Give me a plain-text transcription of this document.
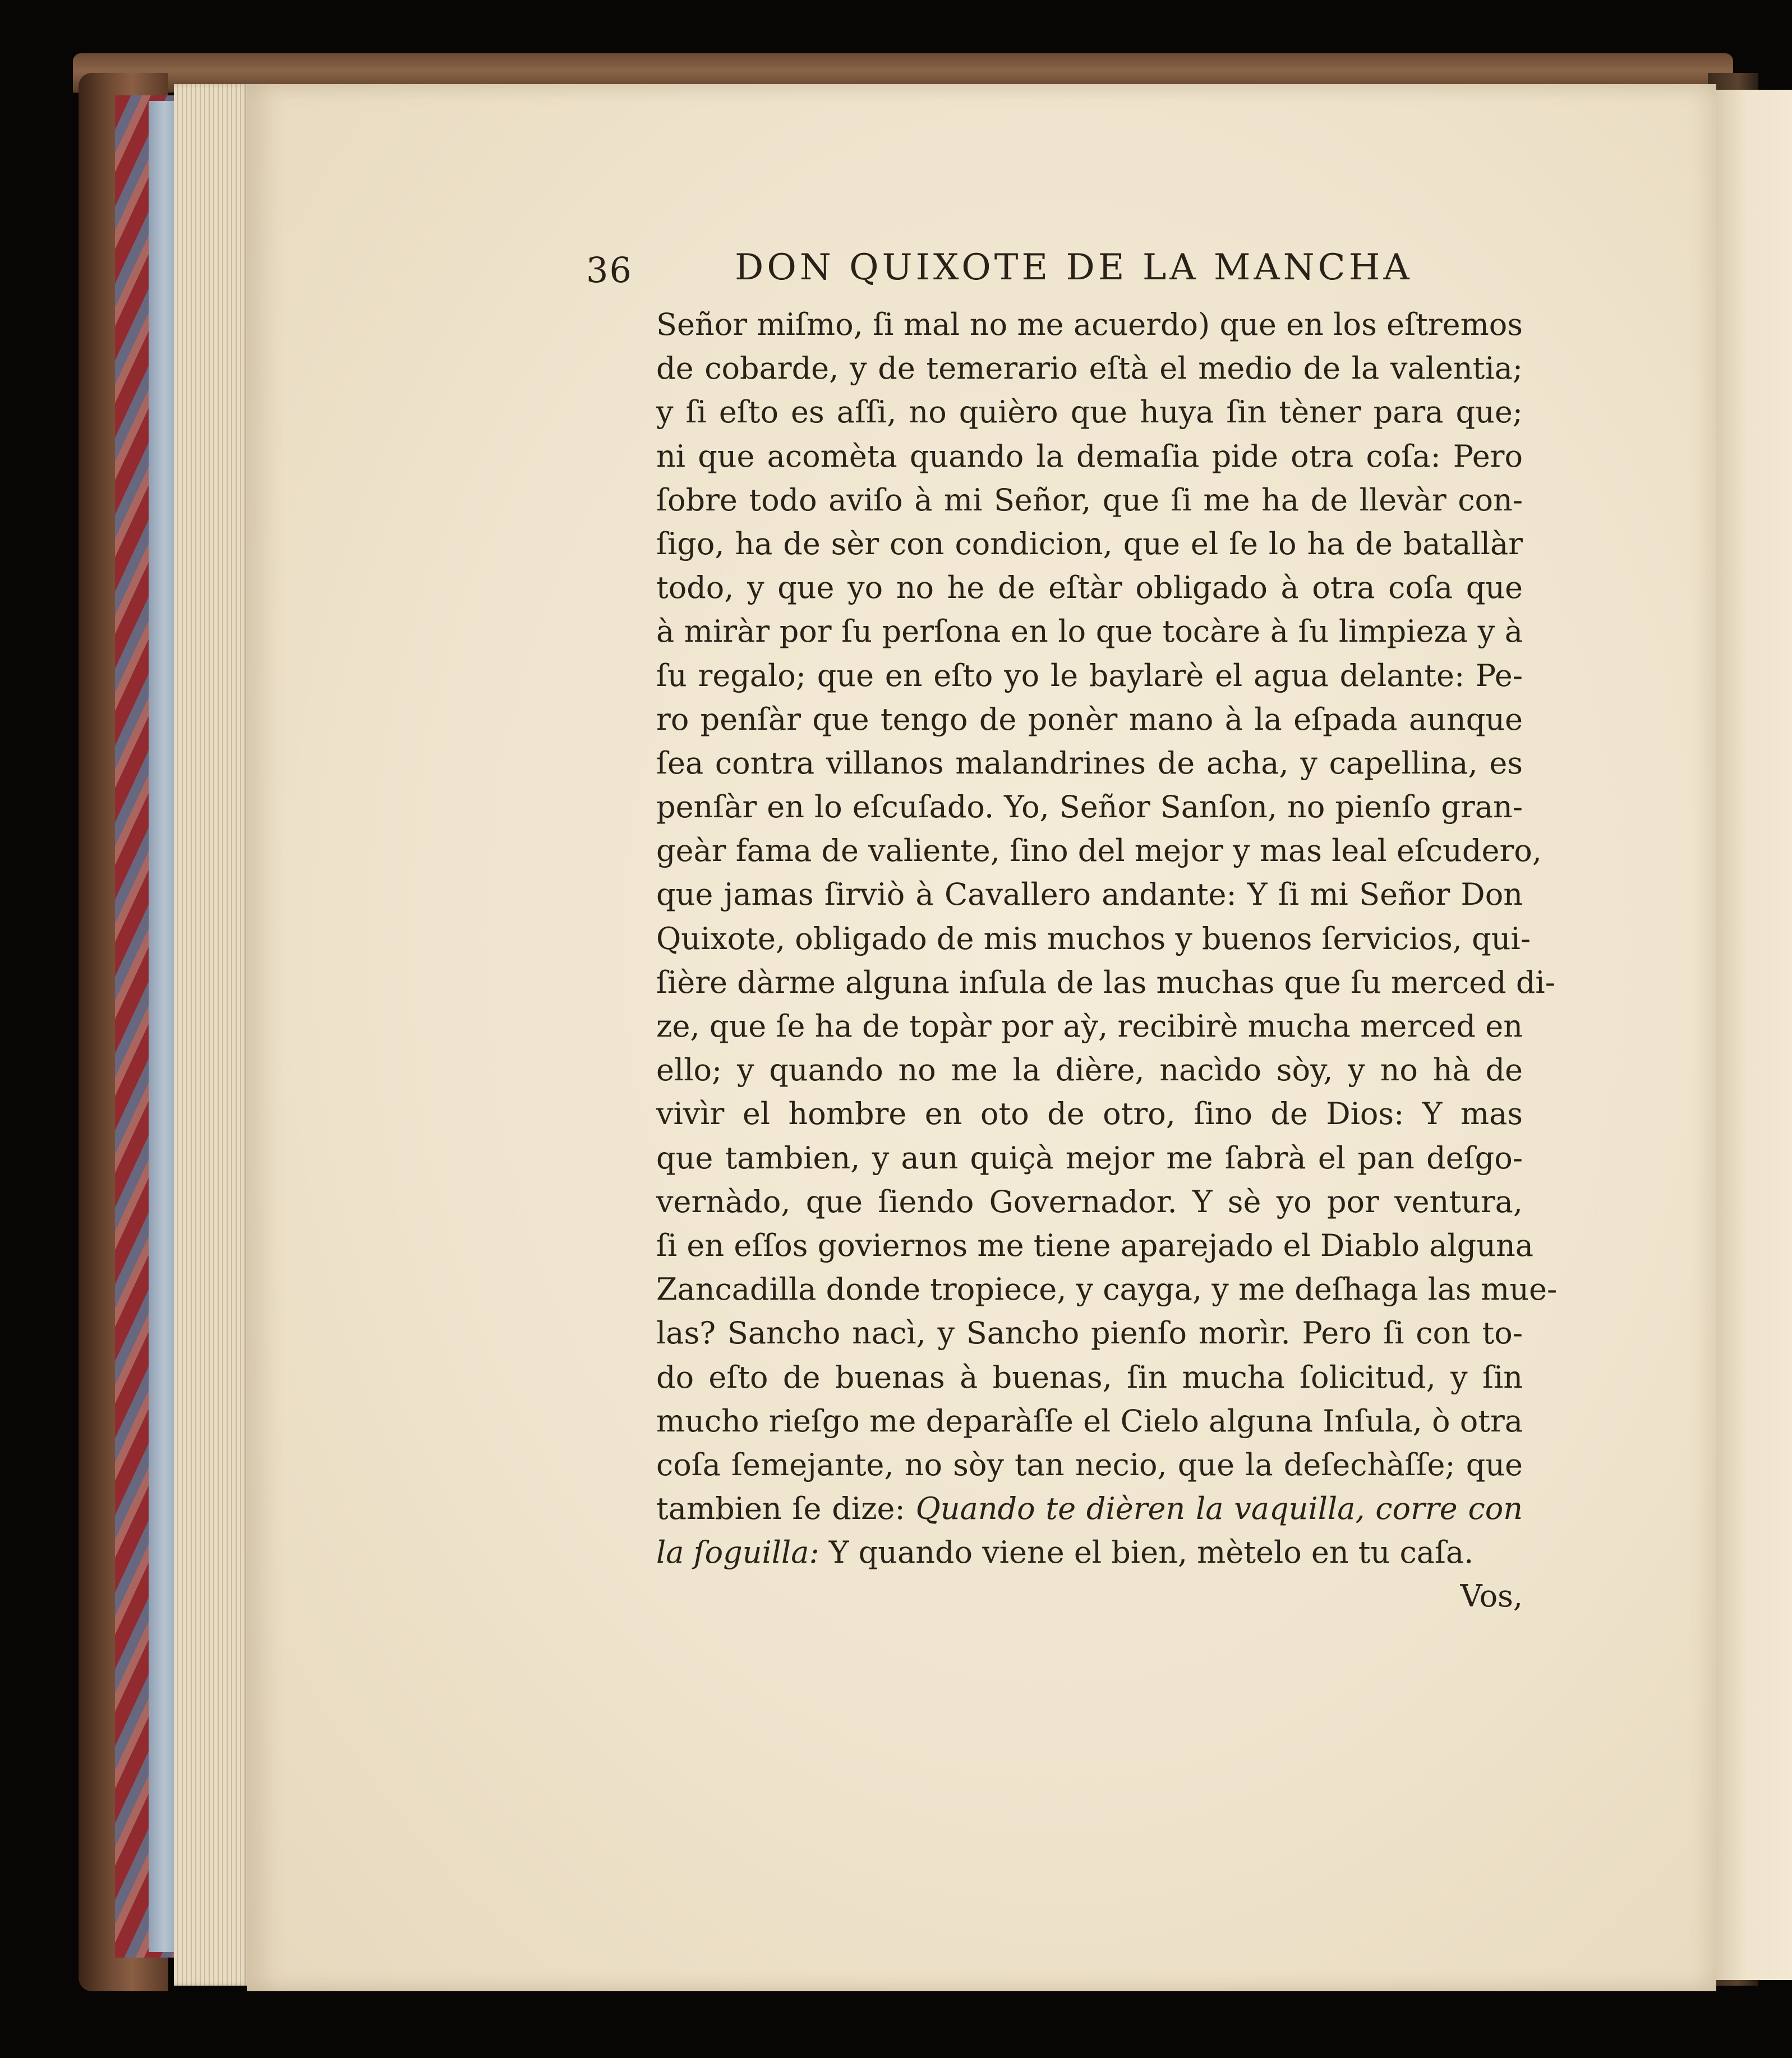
36	DON QUIXOTE DE LA MANCHA
Señor miſmo, ſi mal no me acuerdo) que en los eſtremos
de cobarde, y de temerario eſtà el medio de la valentia;
y ſi eſto es aſſi, no quièro que huya ſin tèner para que;
ni que acomèta quando la demaſia pide otra coſa: Pero
ſobre todo aviſo à mi Señor, que ſi me ha de llevàr con-
ſigo, ha de sèr con condicion, que el ſe lo ha de batallàr
todo, y que yo no he de eſtàr obligado à otra coſa que
à miràr por ſu perſona en lo que tocàre à ſu limpieza y à
ſu regalo; que en eſto yo le baylarè el agua delante: Pe-
ro penſàr que tengo de ponèr mano à la eſpada aunque
ſea contra villanos malandrines de acha, y capellina, es
penſàr en lo eſcuſado. Yo, Señor Sanſon, no pienſo gran-
geàr fama de valiente, ſino del mejor y mas leal eſcudero,
que jamas ſirviò à Cavallero andante: Y ſi mi Señor Don
Quixote, obligado de mis muchos y buenos ſervicios, qui-
ſière dàrme alguna inſula de las muchas que ſu merced di-
ze, que ſe ha de topàr por aỳ, recibirè mucha merced en
ello; y quando no me la dière, nacìdo sòy, y no hà de
vivìr el hombre en oto de otro, ſino de Dios: Y mas
que tambien, y aun quiçà mejor me ſabrà el pan deſgo-
vernàdo, que ſiendo Governador. Y sè yo por ventura,
ſi en eſſos goviernos me tiene aparejado el Diablo alguna
Zancadilla donde tropiece, y cayga, y me deſhaga las mue-
las? Sancho nacì, y Sancho pienſo morìr. Pero ſi con to-
do eſto de buenas à buenas, ſin mucha ſolicitud, y ſin
mucho rieſgo me deparàſſe el Cielo alguna Inſula, ò otra
coſa ſemejante, no sòy tan necio, que la deſechàſſe; que
tambien ſe dize: Quando te dièren la vaquilla, corre con
la ſoguilla: Y quando viene el bien, mètelo en tu caſa.
Vos,
